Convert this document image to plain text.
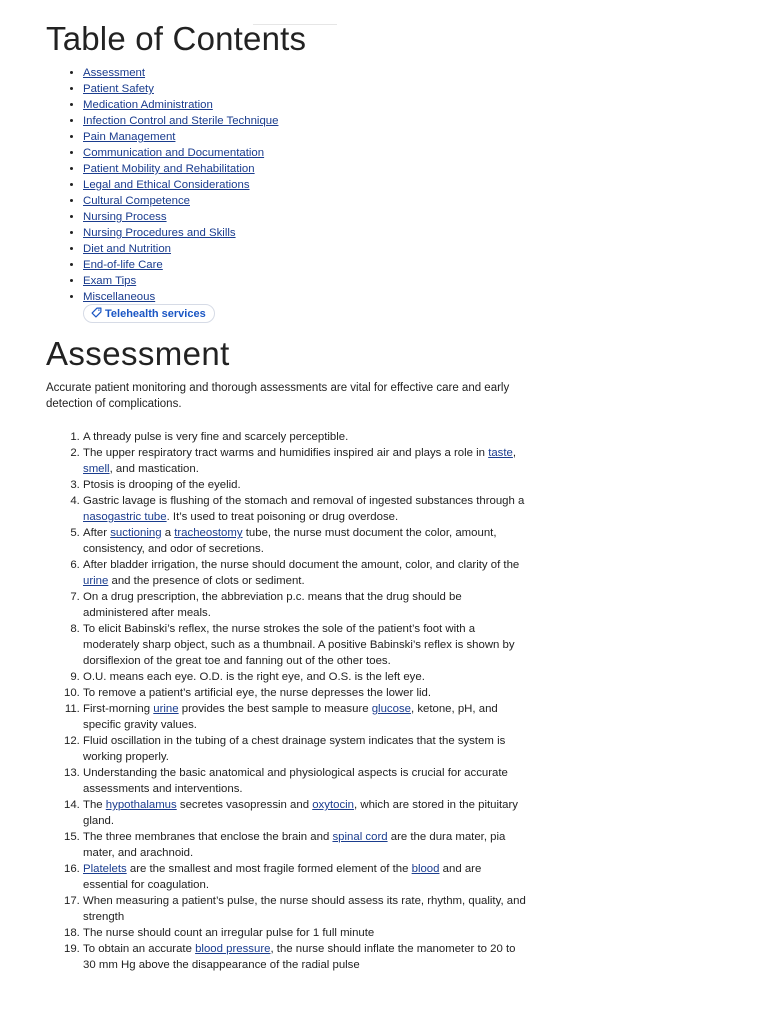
Table of Contents
• Assessment
• Patient Safety
• Medication Administration
• Infection Control and Sterile Technique
• Pain Management
• Communication and Documentation
• Patient Mobility and Rehabilitation
• Legal and Ethical Considerations
• Cultural Competence
• Nursing Process
• Nursing Procedures and Skills
• Diet and Nutrition
• End-of-life Care
• Exam Tips
• Miscellaneous
Telehealth services
Assessment

Accurate patient monitoring and thorough assessments are vital for effective care and early detection of complications.

1. A thready pulse is very fine and scarcely perceptible.
2. The upper respiratory tract warms and humidifies inspired air and plays a role in taste, smell, and mastication.
3. Ptosis is drooping of the eyelid.
4. Gastric lavage is flushing of the stomach and removal of ingested substances through a nasogastric tube. It’s used to treat poisoning or drug overdose.
5. After suctioning a tracheostomy tube, the nurse must document the color, amount, consistency, and odor of secretions.
6. After bladder irrigation, the nurse should document the amount, color, and clarity of the urine and the presence of clots or sediment.
7. On a drug prescription, the abbreviation p.c. means that the drug should be administered after meals.
8. To elicit Babinski’s reflex, the nurse strokes the sole of the patient’s foot with a moderately sharp object, such as a thumbnail. A positive Babinski’s reflex is shown by dorsiflexion of the great toe and fanning out of the other toes.
9. O.U. means each eye. O.D. is the right eye, and O.S. is the left eye.
10. To remove a patient’s artificial eye, the nurse depresses the lower lid.
11. First-morning urine provides the best sample to measure glucose, ketone, pH, and specific gravity values.
12. Fluid oscillation in the tubing of a chest drainage system indicates that the system is working properly.
13. Understanding the basic anatomical and physiological aspects is crucial for accurate assessments and interventions.
14. The hypothalamus secretes vasopressin and oxytocin, which are stored in the pituitary gland.
15. The three membranes that enclose the brain and spinal cord are the dura mater, pia mater, and arachnoid.
16. Platelets are the smallest and most fragile formed element of the blood and are essential for coagulation.
17. When measuring a patient’s pulse, the nurse should assess its rate, rhythm, quality, and strength
18. The nurse should count an irregular pulse for 1 full minute
19. To obtain an accurate blood pressure, the nurse should inflate the manometer to 20 to 30 mm Hg above the disappearance of the radial pulse
